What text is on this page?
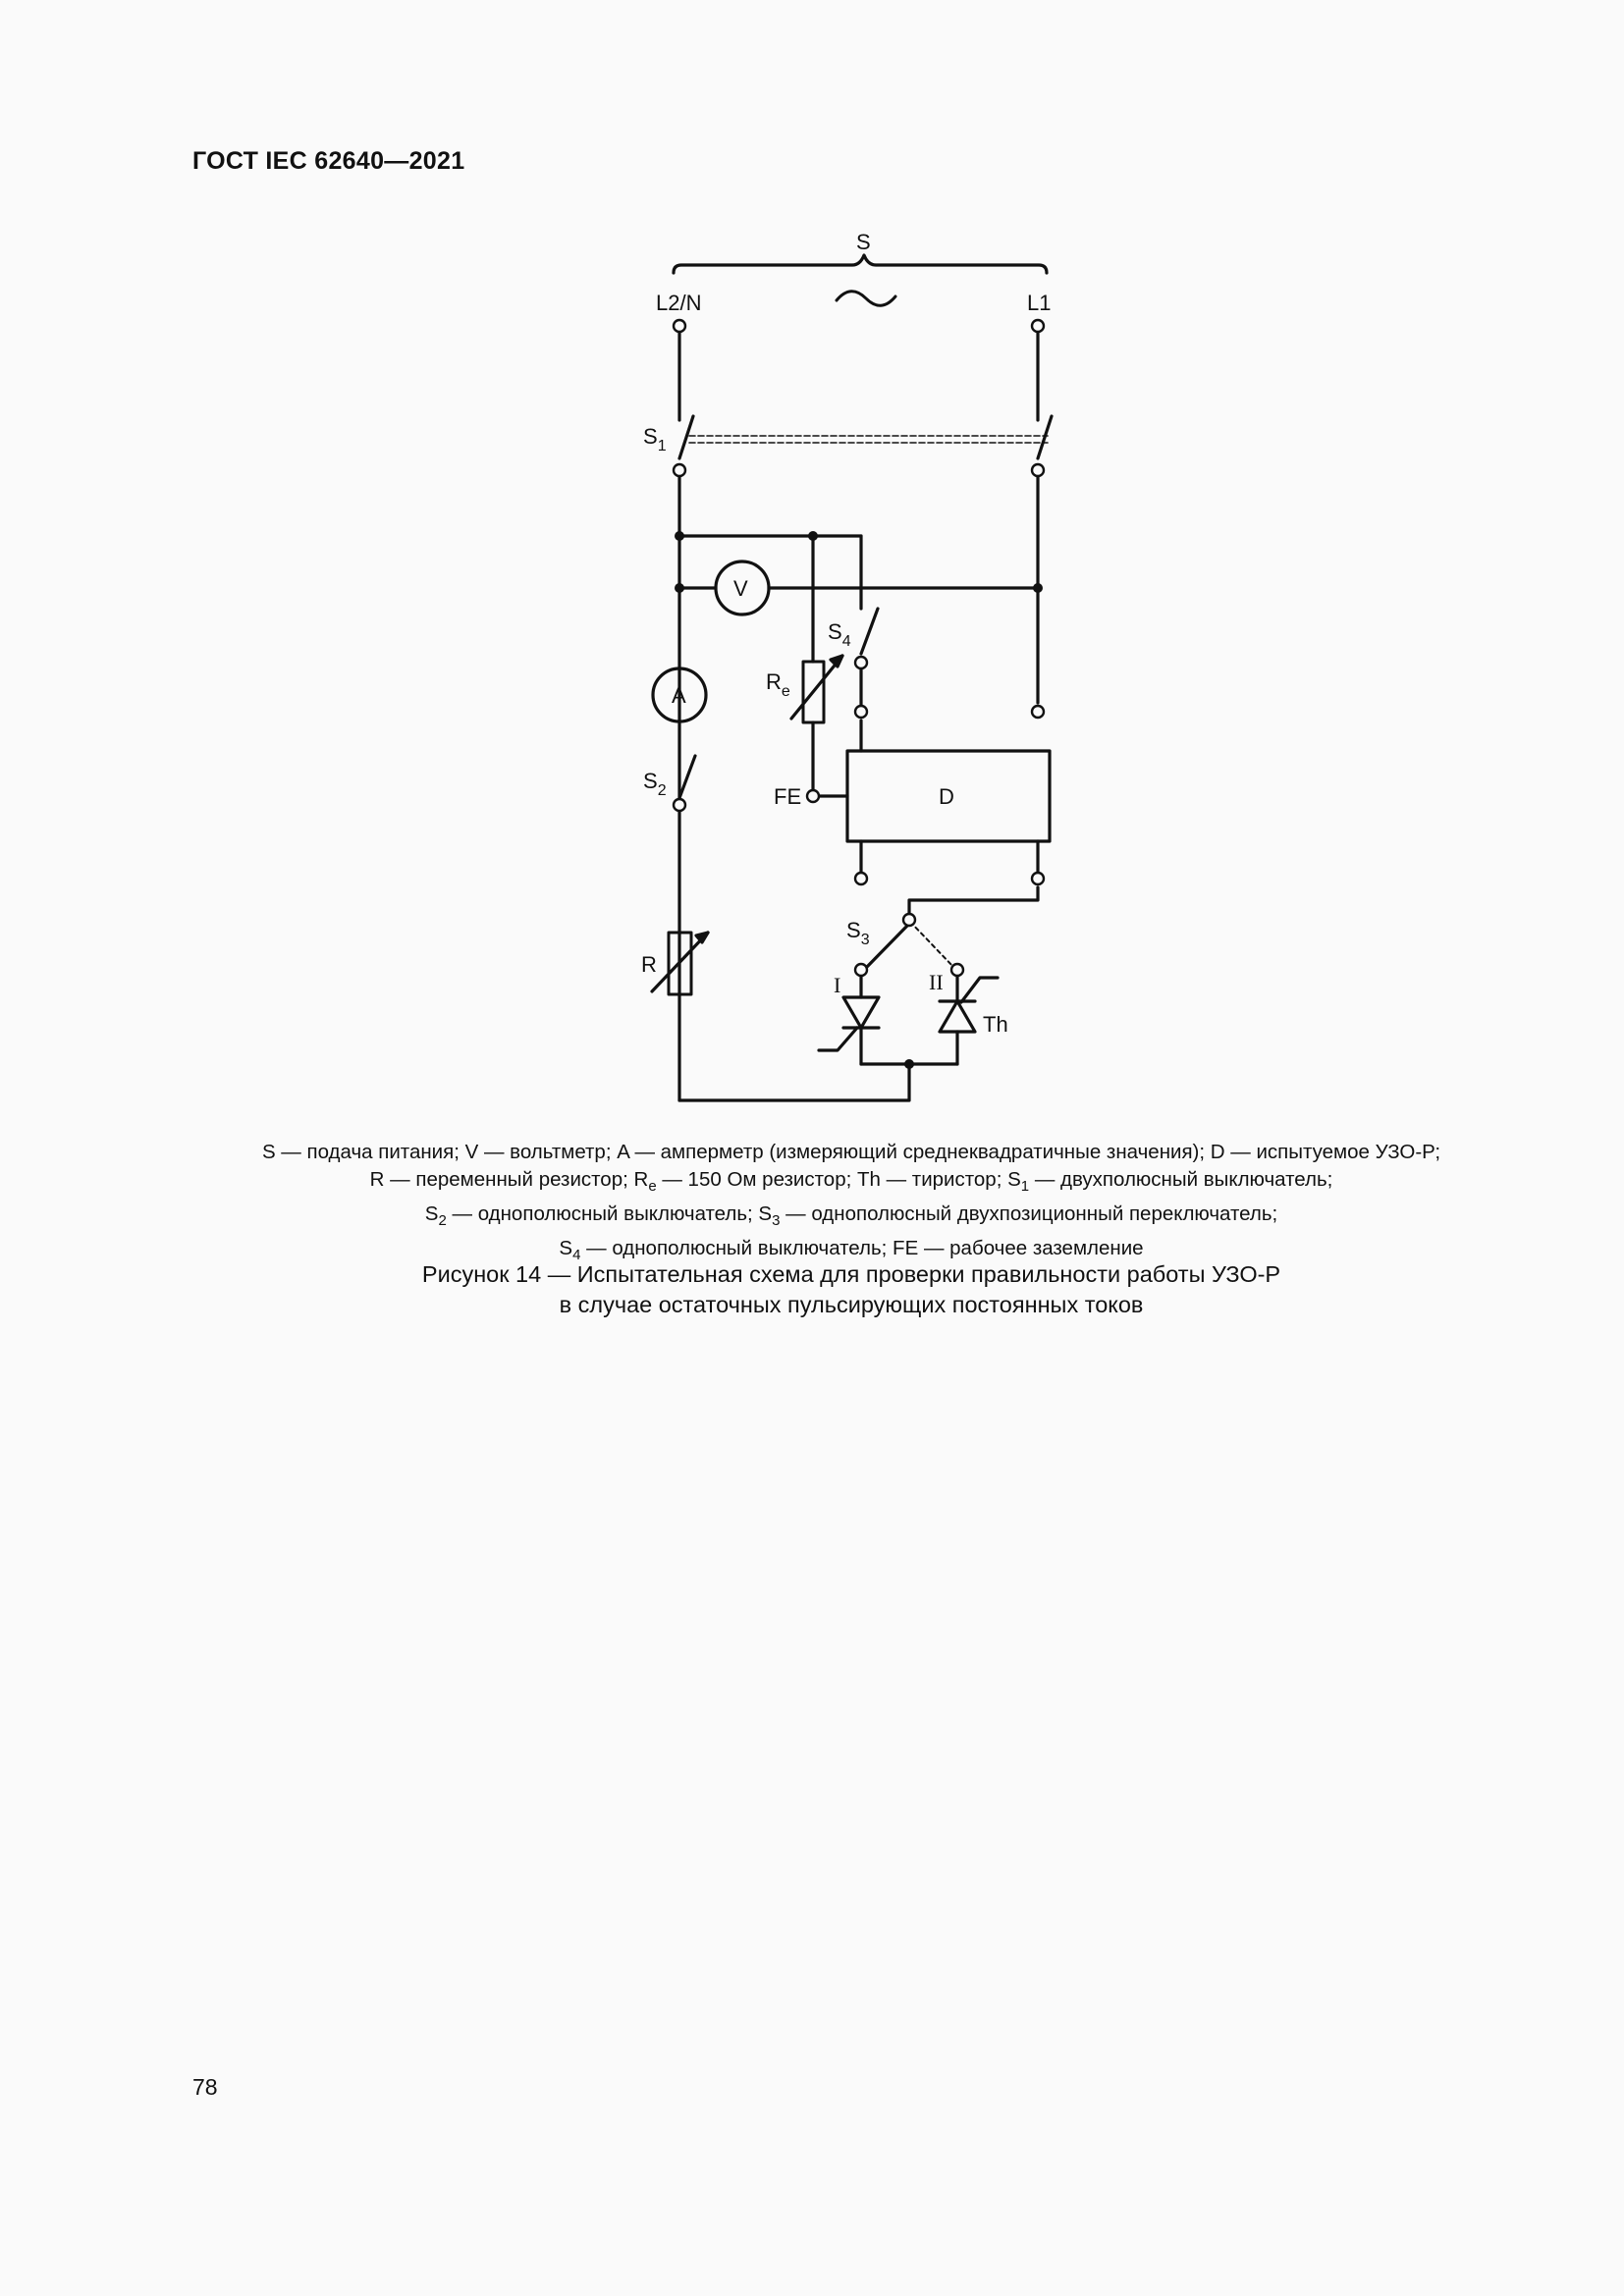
ГОСТ IEC 62640—2021
S
L2/N	L1
$S_1$
V
$S_4$
A
$R_e$
$S_2$	FE	D
$S_3$
R
I	II
Th
S — подача питания; V — вольтметр; A — амперметр (измеряющий среднеквадратичные значения); D — испытуемое УЗО-Р;
R — переменный резистор; $R_e$ — 150 Ом резистор; Th — тиристор; $S_1$ — двухполюсный выключатель;
$S_2$ — однополюсный выключатель; $S_3$ — однополюсный двухпозиционный переключатель;
$S_4$ — однополюсный выключатель; FE — рабочее заземление
Рисунок 14 — Испытательная схема для проверки правильности работы УЗО-Р
в случае остаточных пульсирующих постоянных токов
78
